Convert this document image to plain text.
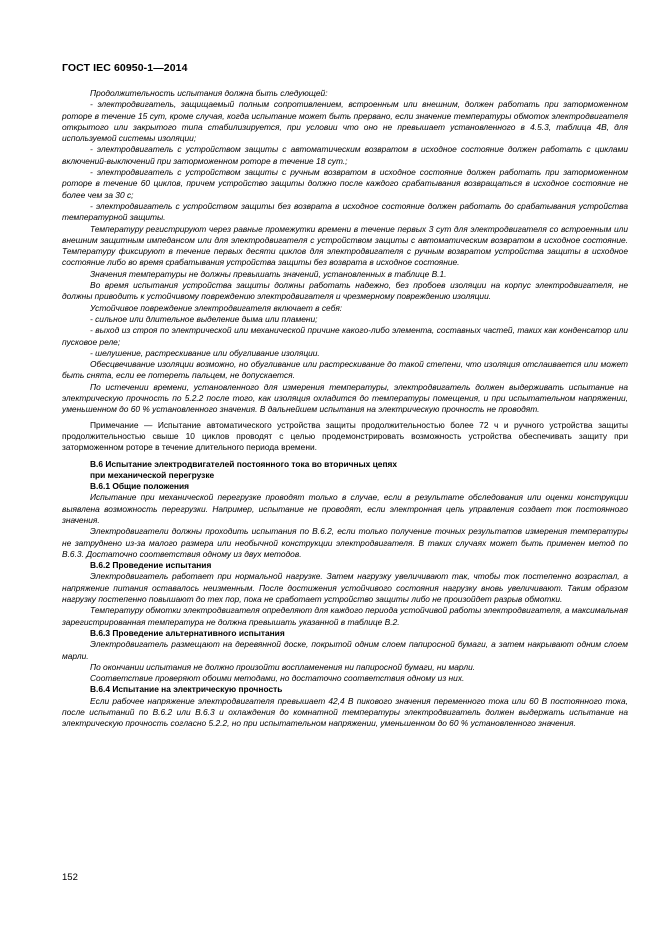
ГОСТ IEC 60950-1—2014

Продолжительность испытания должна быть следующей:

- электродвигатель, защищаемый полным сопротивлением, встроенным или внешним, должен работать при заторможенном роторе в течение 15 сут, кроме случая, когда испытание может быть прервано, если значение температуры обмоток электродвигателя открытого или закрытого типа стабилизируется, при условии что оно не превышает установленного в 4.5.3, таблица 4В, для используемой системы изоляции;

- электродвигатель с устройством защиты с автоматическим возвратом в исходное состояние должен работать с циклами включений-выключений при заторможенном роторе в течение 18 сут.;

- электродвигатель с устройством защиты с ручным возвратом в исходное состояние должен работать при заторможенном роторе в течение 60 циклов, причем устройство защиты должно после каждого срабатывания возвращаться в исходное состояние не более чем за 30 с;

- электродвигатель с устройством защиты без возврата в исходное состояние должен работать до срабатывания устройства температурной защиты.

Температуру регистрируют через равные промежутки времени в течение первых 3 сут для электродвигателя со встроенным или внешним защитным импедансом или для электродвигателя с устройством защиты с автоматическим возвратом в исходное состояние. Температуру фиксируют в течение первых десяти циклов для электродвигателя с ручным возвратом устройства защиты в исходное состояние либо во время срабатывания устройства защиты без возврата в исходное состояние.

Значения температуры не должны превышать значений, установленных в таблице В.1.

Во время испытания устройства защиты должны работать надежно, без пробоев изоляции на корпус электродвигателя, не должны приводить к устойчивому повреждению электродвигателя и чрезмерному повреждению изоляции.

Устойчивое повреждение электродвигателя включает в себя:

- сильное или длительное выделение дыма или пламени;

- выход из строя по электрической или механической причине какого-либо элемента, составных частей, таких как конденсатор или пусковое реле;

- шелушение, растрескивание или обугливание изоляции.

Обесцвечивание изоляции возможно, но обугливание или растрескивание до такой степени, что изоляция отслаивается или может быть снята, если ее потереть пальцем, не допускается.

По истечении времени, установленного для измерения температуры, электродвигатель должен выдерживать испытание на электрическую прочность по 5.2.2 после того, как изоляция охладится до температуры помещения, и при испытательном напряжении, уменьшенном до 60 % установленного значения. В дальнейшем испытания на электрическую прочность не проводят.

Примечание — Испытание автоматического устройства защиты продолжительностью более 72 ч и ручного устройства защиты продолжительностью свыше 10 циклов проводят с целью продемонстрировать возможность устройства обеспечивать защиту при заторможенном роторе в течение длительного периода времени.

В.6 Испытание электродвигателей постоянного тока во вторичных цепях

при механической перегрузке

В.6.1 Общие положения

Испытание при механической перегрузке проводят только в случае, если в результате обследования или оценки конструкции выявлена возможность перегрузки. Например, испытание не проводят, если электронная цепь управления создает ток постоянного значения.

Электродвигатели должны проходить испытания по В.6.2, если только получение точных результатов измерения температуры не затруднено из-за малого размера или необычной конструкции электродвигателя. В таких случаях может быть применен метод по В.6.3. Достаточно соответствия одному из двух методов.

В.6.2 Проведение испытания

Электродвигатель работает при нормальной нагрузке. Затем нагрузку увеличивают так, чтобы ток постепенно возрастал, а напряжение питания оставалось неизменным. После достижения устойчивого состояния нагрузку вновь увеличивают. Таким образом нагрузку постепенно повышают до тех пор, пока не сработает устройство защиты либо не произойдет разрыв обмотки.

Температуру обмотки электродвигателя определяют для каждого периода устойчивой работы электродвигателя, а максимальная зарегистрированная температура не должна превышать указанной в таблице В.2.

В.6.3 Проведение альтернативного испытания

Электродвигатель размещают на деревянной доске, покрытой одним слоем папиросной бумаги, а затем накрывают одним слоем марли.

По окончании испытания не должно произойти воспламенения ни папиросной бумаги, ни марли.

Соответствие проверяют обоими методами, но достаточно соответствия одному из них.

В.6.4 Испытание на электрическую прочность

Если рабочее напряжение электродвигателя превышает 42,4 В пикового значения переменного тока или 60 В постоянного тока, после испытаний по В.6.2 или В.6.3 и охлаждения до комнатной температуры электродвигатель должен выдержать испытание на электрическую прочность согласно 5.2.2, но при испытательном напряжении, уменьшенном до 60 % установленного значения.

152
